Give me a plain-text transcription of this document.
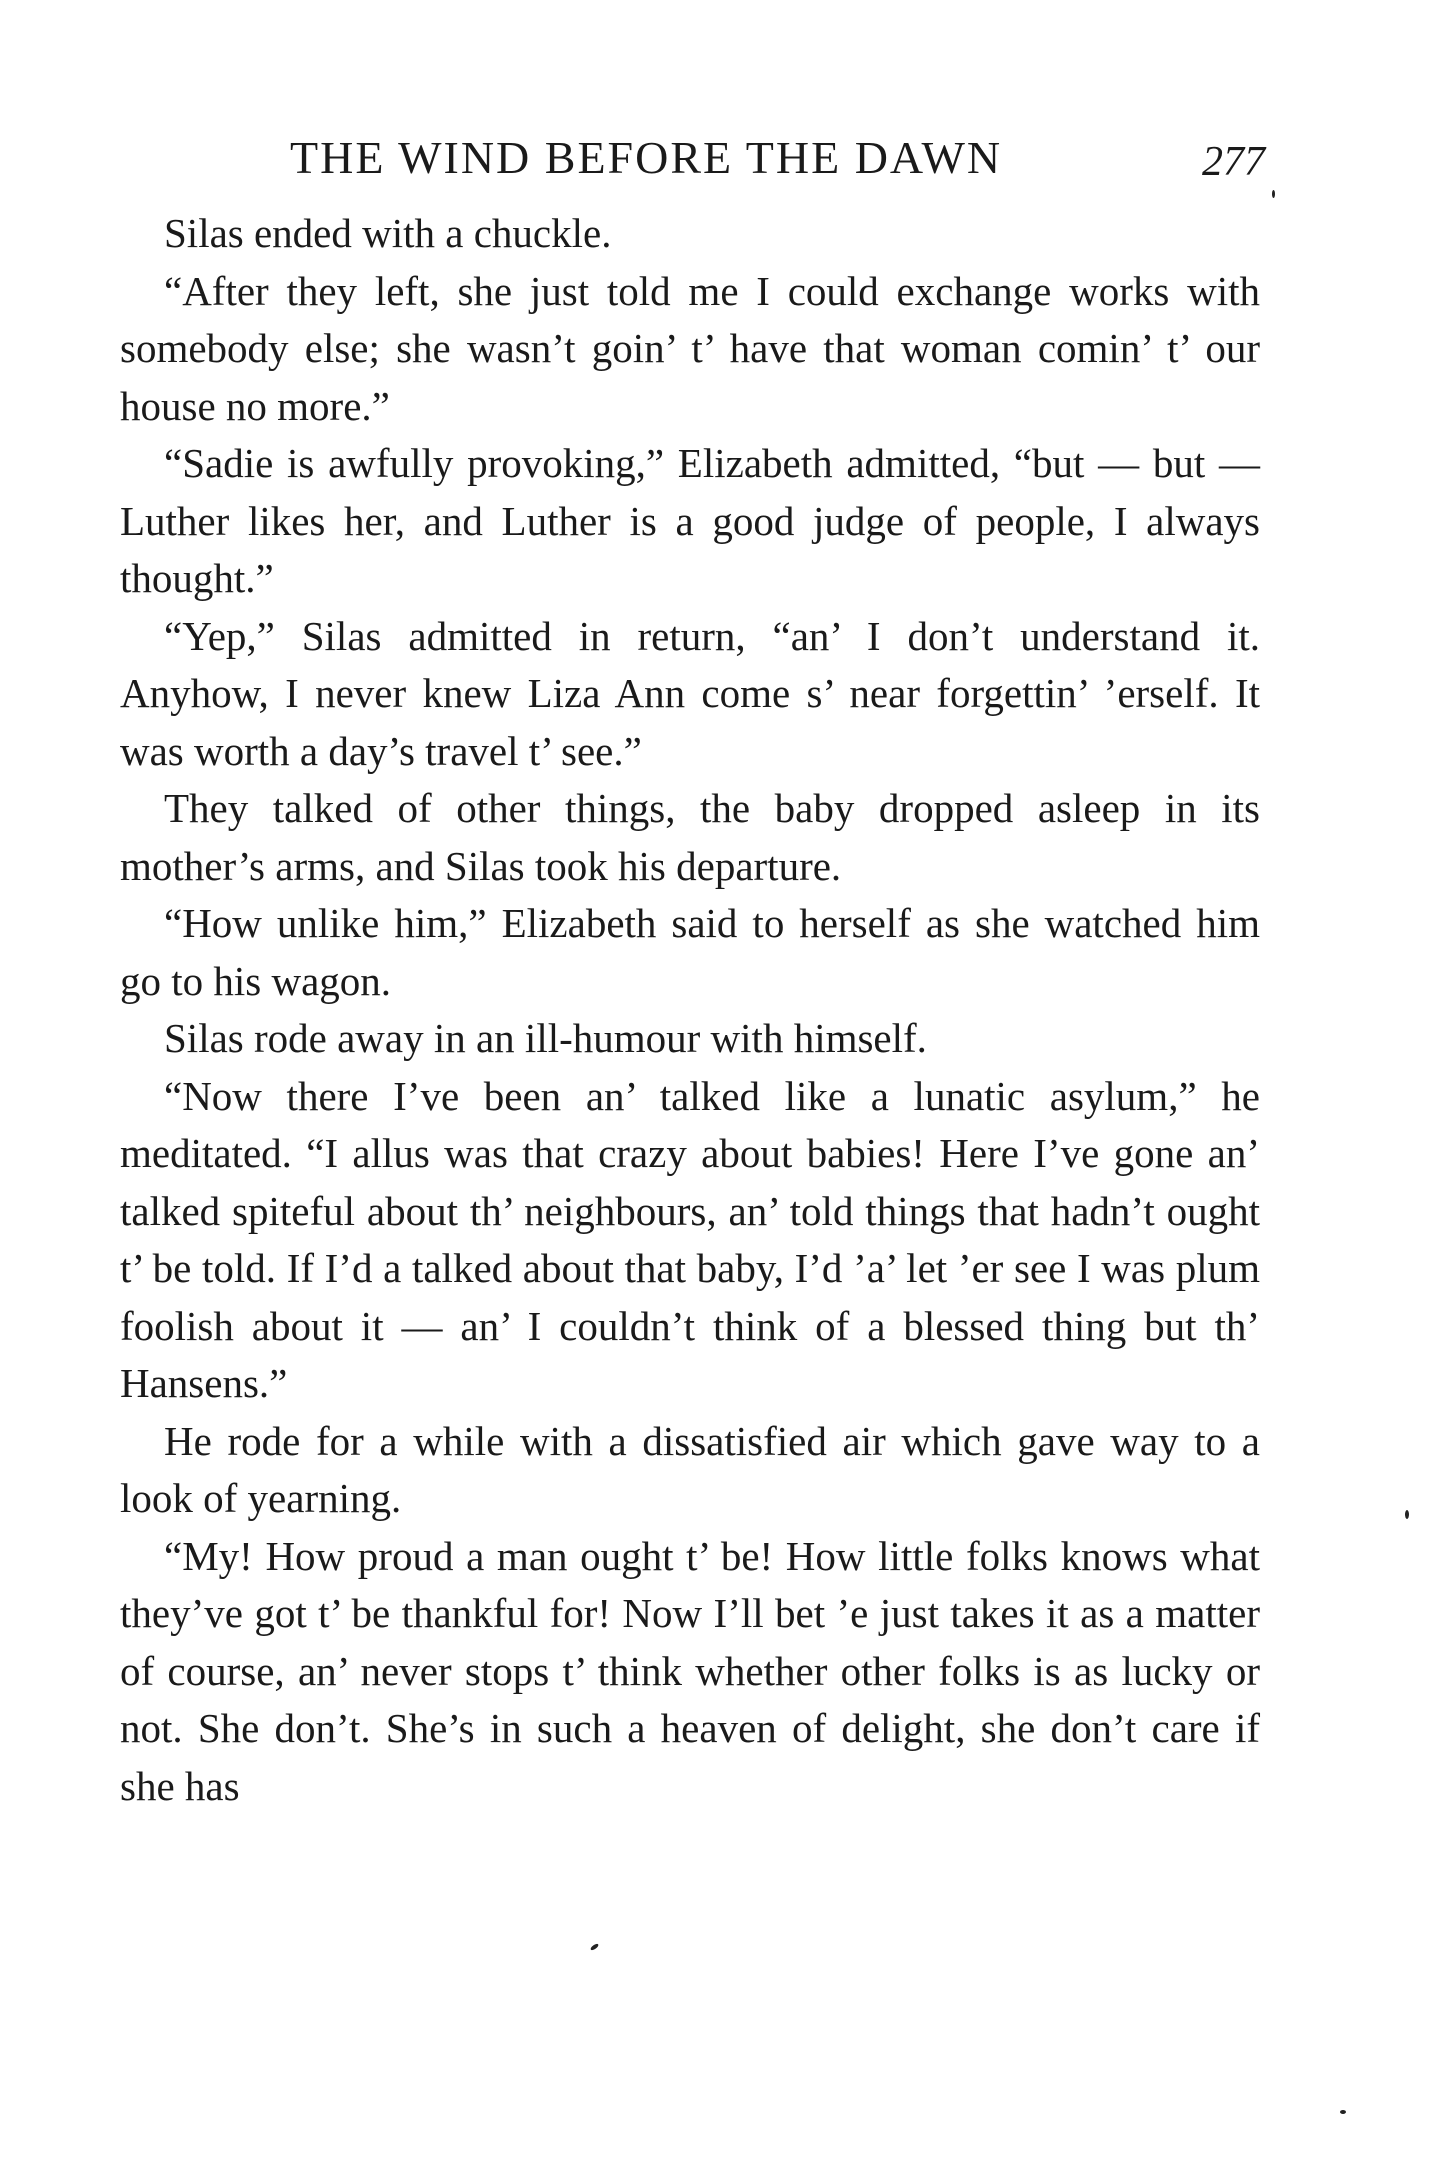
THE WIND BEFORE THE DAWN	277

Silas ended with a chuckle.

“After they left, she just told me I could exchange works with somebody else; she wasn’t goin’ t’ have that woman comin’ t’ our house no more.”

“Sadie is awfully provoking,” Elizabeth admitted, “but — but — Luther likes her, and Luther is a good judge of people, I always thought.”

“Yep,” Silas admitted in return, “an’ I don’t understand it. Anyhow, I never knew Liza Ann come s’ near forgettin’ ’erself. It was worth a day’s travel t’ see.”

They talked of other things, the baby dropped asleep in its mother’s arms, and Silas took his departure.

“How unlike him,” Elizabeth said to herself as she watched him go to his wagon.

Silas rode away in an ill-humour with himself.

“Now there I’ve been an’ talked like a lunatic asylum,” he meditated. “I allus was that crazy about babies! Here I’ve gone an’ talked spiteful about th’ neighbours, an’ told things that hadn’t ought t’ be told. If I’d a talked about that baby, I’d ’a’ let ’er see I was plum foolish about it — an’ I couldn’t think of a blessed thing but th’ Hansens.”

He rode for a while with a dissatisfied air which gave way to a look of yearning.

“My! How proud a man ought t’ be! How little folks knows what they’ve got t’ be thankful for! Now I’ll bet ’e just takes it as a matter of course, an’ never stops t’ think whether other folks is as lucky or not. She don’t. She’s in such a heaven of delight, she don’t care if she has
